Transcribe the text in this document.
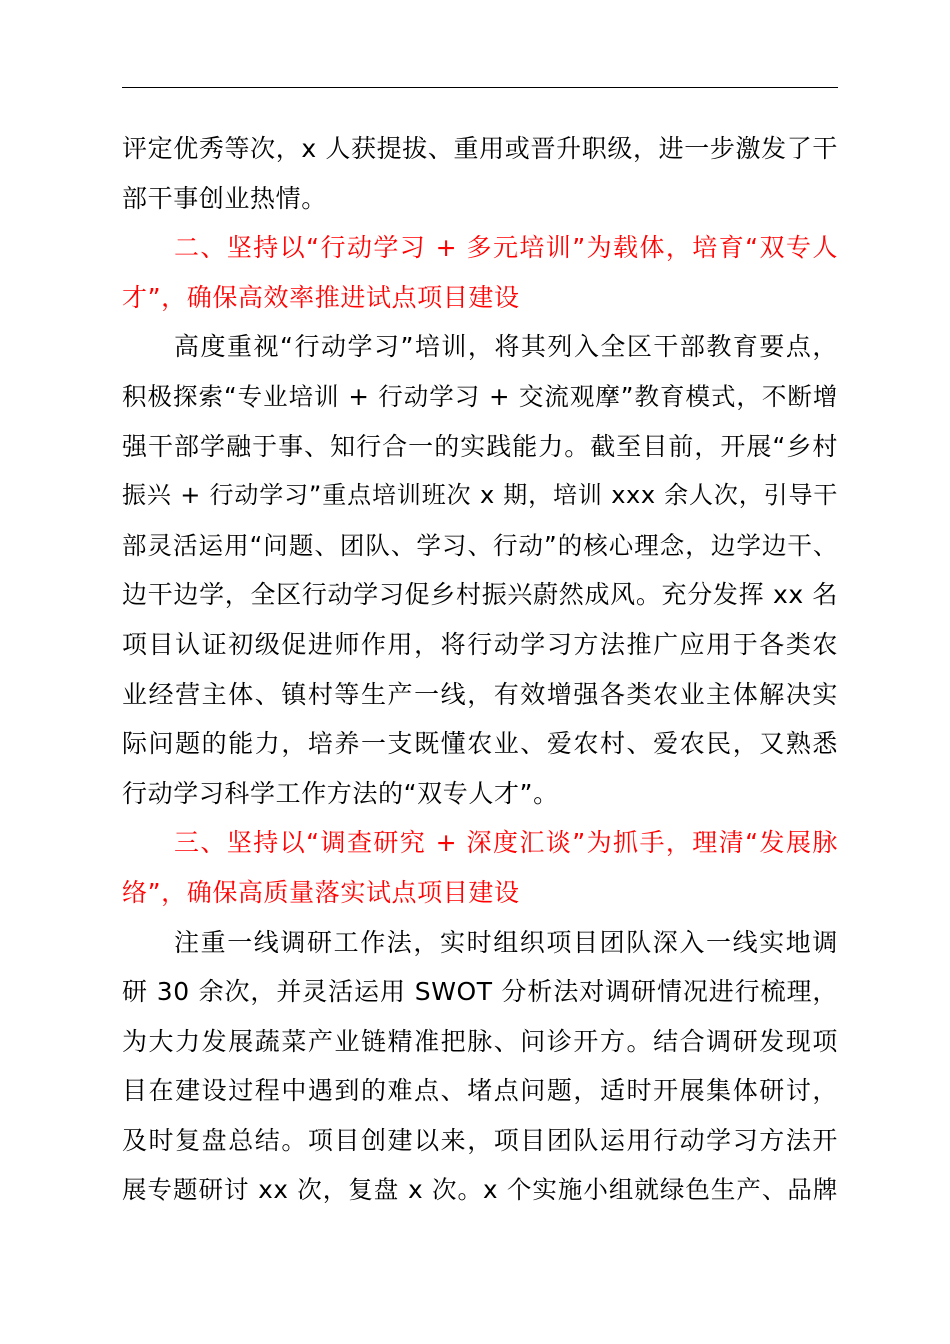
评定优秀等次，x 人获提拔、重用或晋升职级，进一步激发了干
部干事创业热情。
二、坚持以“行动学习 + 多元培训”为载体，培育“双专人
才”，确保高效率推进试点项目建设
高度重视“行动学习”培训，将其列入全区干部教育要点，
积极探索“专业培训 + 行动学习 + 交流观摩”教育模式，不断增
强干部学融于事、知行合一的实践能力。截至目前，开展“乡村
振兴 + 行动学习”重点培训班次 x 期，培训 xxx 余人次，引导干
部灵活运用“问题、团队、学习、行动”的核心理念，边学边干、
边干边学，全区行动学习促乡村振兴蔚然成风。充分发挥 xx 名
项目认证初级促进师作用，将行动学习方法推广应用于各类农
业经营主体、镇村等生产一线，有效增强各类农业主体解决实
际问题的能力，培养一支既懂农业、爱农村、爱农民，又熟悉
行动学习科学工作方法的“双专人才”。
三、坚持以“调查研究 + 深度汇谈”为抓手，理清“发展脉
络”，确保高质量落实试点项目建设
注重一线调研工作法，实时组织项目团队深入一线实地调
研 30 余次，并灵活运用 SWOT 分析法对调研情况进行梳理，
为大力发展蔬菜产业链精准把脉、问诊开方。结合调研发现项
目在建设过程中遇到的难点、堵点问题，适时开展集体研讨，
及时复盘总结。项目创建以来，项目团队运用行动学习方法开
展专题研讨 xx 次，复盘 x 次。x 个实施小组就绿色生产、品牌
